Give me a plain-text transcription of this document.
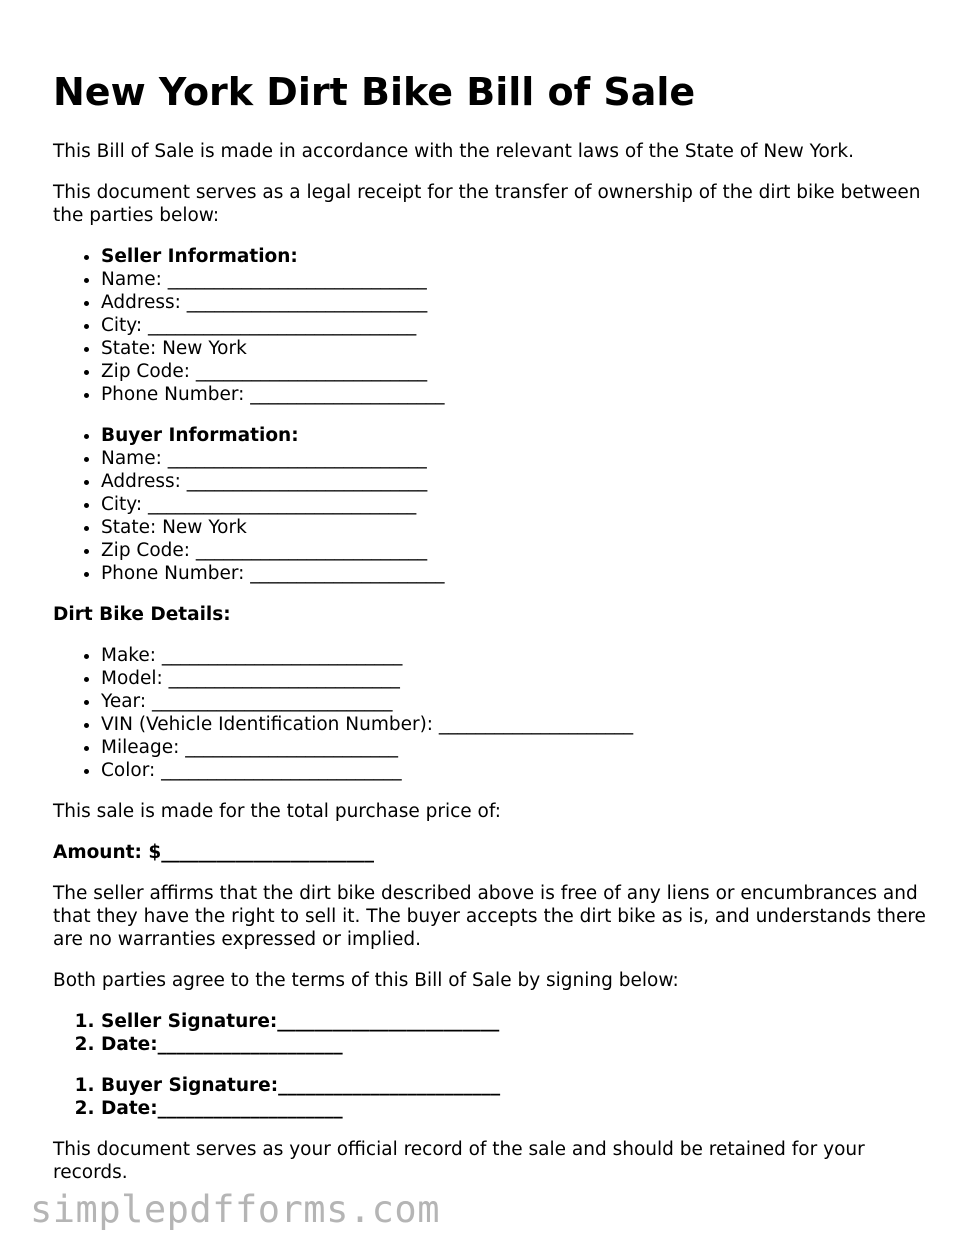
New York Dirt Bike Bill of Sale

This Bill of Sale is made in accordance with the relevant laws of the State of New York.

This document serves as a legal receipt for the transfer of ownership of the dirt bike between the parties below:

• Seller Information:
• Name: ____________________________
• Address: __________________________
• City: _____________________________
• State: New York
• Zip Code: _________________________
• Phone Number: _____________________
• Buyer Information:
• Name: ____________________________
• Address: __________________________
• City: _____________________________
• State: New York
• Zip Code: _________________________
• Phone Number: _____________________

Dirt Bike Details:

• Make: __________________________
• Model: _________________________
• Year: __________________________
• VIN (Vehicle Identification Number): _____________________
• Mileage: _______________________
• Color: __________________________

This sale is made for the total purchase price of:

Amount: $_______________________

The seller affirms that the dirt bike described above is free of any liens or encumbrances and that they have the right to sell it. The buyer accepts the dirt bike as is, and understands there are no warranties expressed or implied.

Both parties agree to the terms of this Bill of Sale by signing below:

1. Seller Signature:________________________
2. Date:____________________
1. Buyer Signature:________________________
2. Date:____________________

This document serves as your official record of the sale and should be retained for your records.

simplepdfforms.com
